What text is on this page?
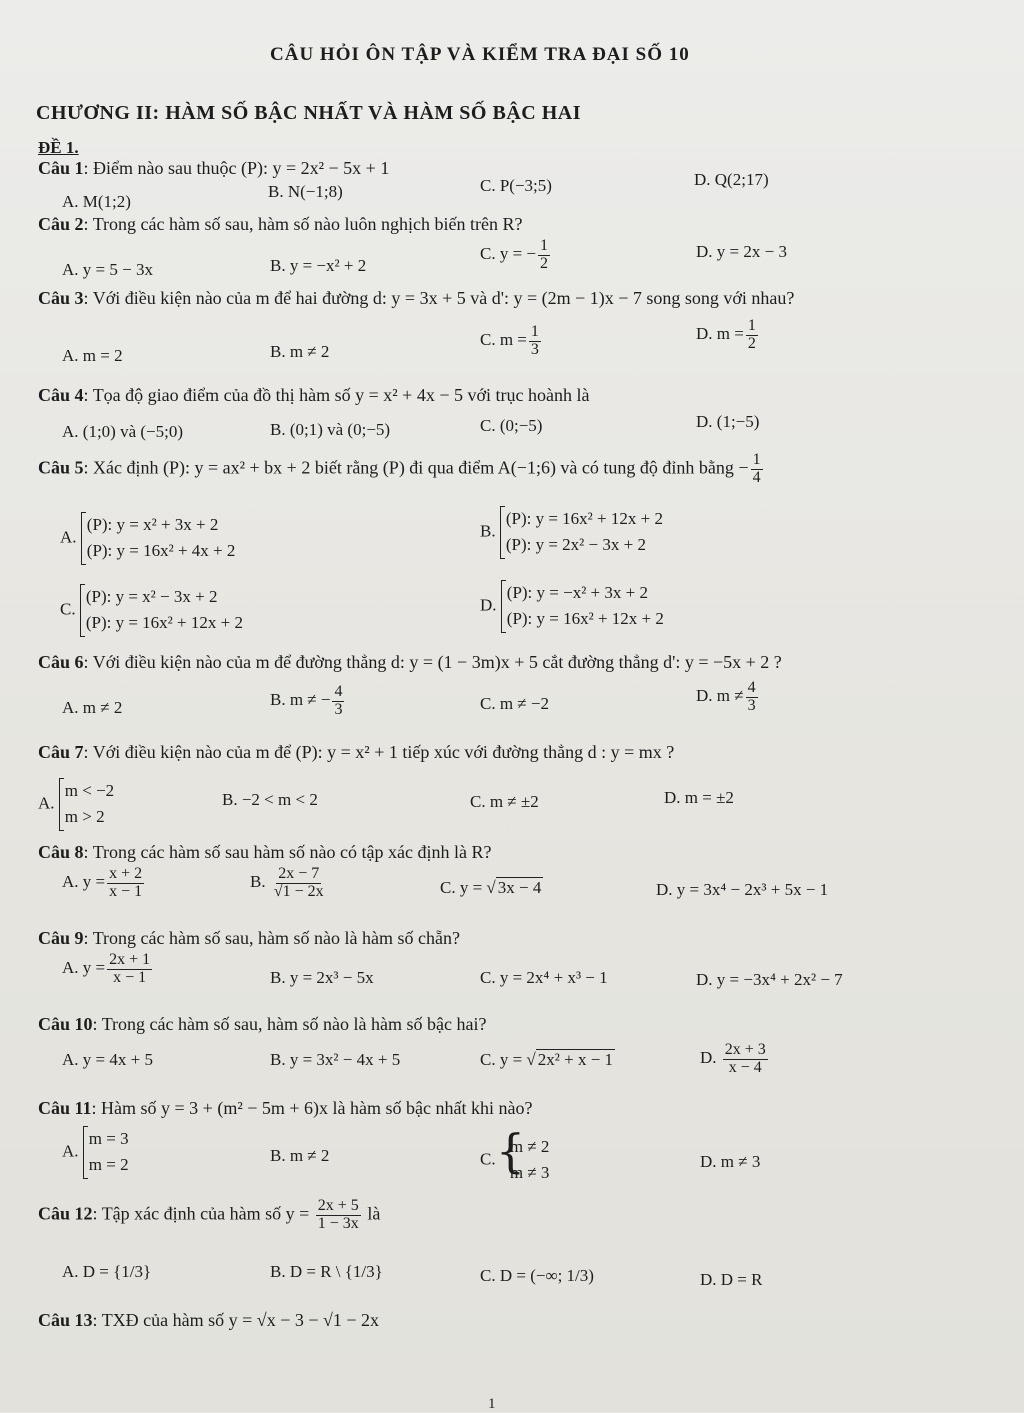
CÂU HỎI ÔN TẬP VÀ KIỂM TRA ĐẠI SỐ 10
CHƯƠNG II: HÀM SỐ BẬC NHẤT VÀ HÀM SỐ BẬC HAI
ĐỀ 1.
Câu 1: Điểm nào sau thuộc (P): y = 2x² − 5x + 1
A. M(1;2)
B. N(−1;8)	C. P(−3;5)	D. Q(2;17)
Câu 2: Trong các hàm số sau, hàm số nào luôn nghịch biến trên R?
A. y = 5 − 3x	B. y = −x² + 2
C. y = − $\frac{1}{2}$	D. y = 2x − 3
Câu 3: Với điều kiện nào của m để hai đường d: y = 3x + 5 và d': y = (2m − 1)x − 7 song song với nhau?
A. m = 2	B. m ≠ 2
C. $m = \frac{1}{3}$	D. $m = \frac{1}{2}$
Câu 4: Tọa độ giao điểm của đồ thị hàm số y = x² + 4x − 5 với trục hoành là
A. (1;0) và (−5;0)	B. (0;1) và (0;−5)	C. (0;−5)	D. (1;−5)
Câu 5: Xác định (P): y = ax² + bx + 2 biết rằng (P) đi qua điểm A(−1;6) và có tung độ đỉnh bằng − $\frac{1}{4}$
A.
(P): y = x² + 3x + 2
(P): y = 16x² + 4x + 2
B.
(P): y = 16x² + 12x + 2
(P): y = 2x² − 3x + 2
C.
(P): y = x² − 3x + 2
(P): y = 16x² + 12x + 2
D.
(P): y = −x² + 3x + 2
(P): y = 16x² + 12x + 2
Câu 6: Với điều kiện nào của m để đường thẳng d: y = (1 − 3m)x + 5 cắt đường thẳng d': y = −5x + 2 ?
A. m ≠ 2	B. m ≠ − $\frac{4}{3}$	C. m ≠ −2	D. $m \ne \frac{4}{3}$
Câu 7: Với điều kiện nào của m để (P): y = x² + 1 tiếp xúc với đường thẳng d : y = mx ?
A.
m < −2
m > 2
B. −2 < m < 2	C. m ≠ ±2	D. m = ±2
Câu 8: Trong các hàm số sau hàm số nào có tập xác định là R?
A. $y = \frac{x + 2}{x - 1}$	B. $\frac{2x - 7}{√1 - 2x}$	C. y = √ 3x − 4	D. y = 3x⁴ − 2x³ + 5x − 1
Câu 9: Trong các hàm số sau, hàm số nào là hàm số chẵn?
A. $y = \frac{2x + 1}{x - 1}$	B. y = 2x³ − 5x	C. y = 2x⁴ + x³ − 1	D. y = −3x⁴ + 2x² − 7
Câu 10: Trong các hàm số sau, hàm số nào là hàm số bậc hai?
A. y = 4x + 5	B. y = 3x² − 4x + 5	C. y = √ 2x² + x − 1	D. $\frac{2x + 3}{x - 4}$
Câu 11: Hàm số y = 3 + (m² − 5m + 6)x là hàm số bậc nhất khi nào?
A.
m = 3
m = 2	B. m ≠ 2	C.
{ m ≠ 2
m ≠ 3
D. m ≠ 3
Câu 12: Tập xác định của hàm số $y = \frac{2x + 5}{1 - 3x}$ là
A. D = {1/3}	B. D = R \ {1/3}	C. D = (−∞; 1/3)	D. D = R
Câu 13: TXĐ của hàm số y = √x − 3 − √1 − 2x
1
